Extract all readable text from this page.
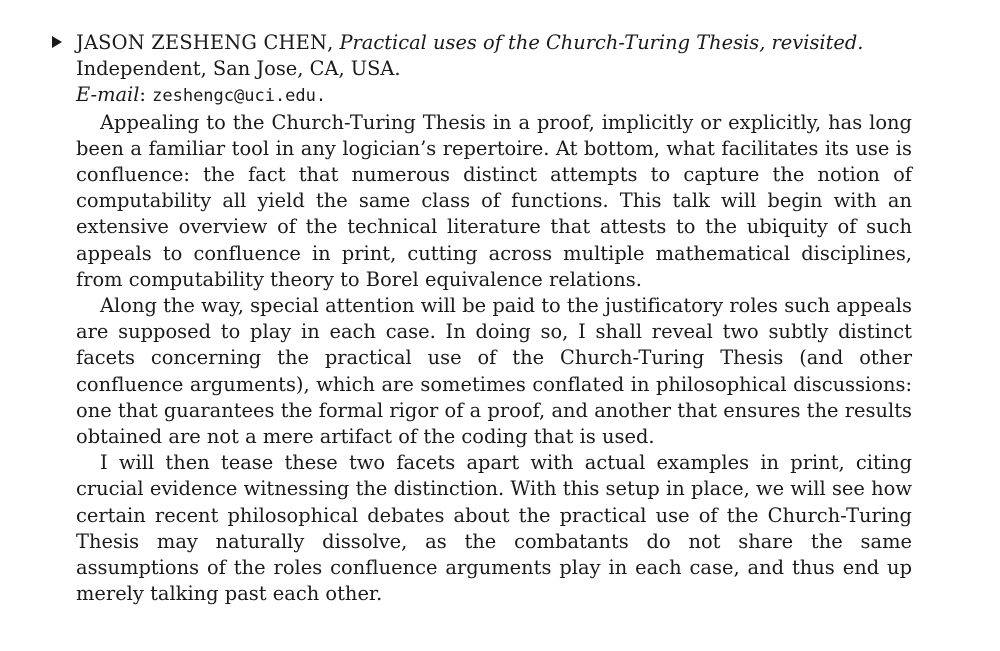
JASON ZESHENG CHEN, Practical uses of the Church-Turing Thesis, revisited.
Independent, San Jose, CA, USA.
E-mail: zeshengc@uci.edu.

Appealing to the Church-Turing Thesis in a proof, implicitly or explicitly, has long been a familiar tool in any logician’s repertoire. At bottom, what facilitates its use is confluence: the fact that numerous distinct attempts to capture the notion of computability all yield the same class of functions. This talk will begin with an extensive overview of the technical literature that attests to the ubiquity of such appeals to confluence in print, cutting across multiple mathematical disciplines, from computability theory to Borel equivalence relations.

Along the way, special attention will be paid to the justificatory roles such appeals are supposed to play in each case. In doing so, I shall reveal two subtly distinct facets concerning the practical use of the Church-Turing Thesis (and other confluence arguments), which are sometimes conflated in philosophical discussions: one that guarantees the formal rigor of a proof, and another that ensures the results obtained are not a mere artifact of the coding that is used.

I will then tease these two facets apart with actual examples in print, citing crucial evidence witnessing the distinction. With this setup in place, we will see how certain recent philosophical debates about the practical use of the Church-Turing Thesis may naturally dissolve, as the combatants do not share the same assumptions of the roles confluence arguments play in each case, and thus end up merely talking past each other.
